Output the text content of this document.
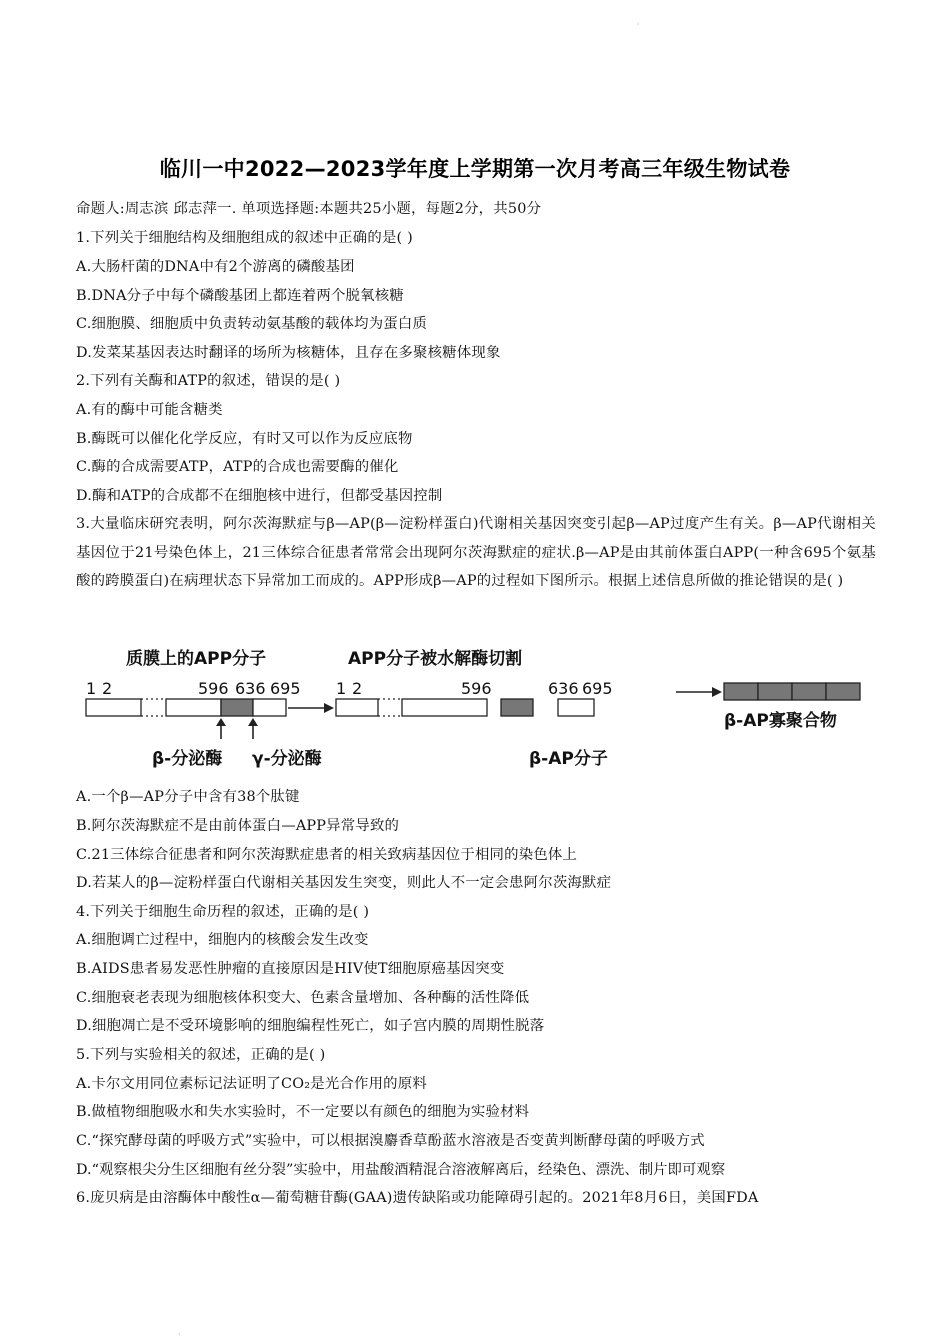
临川一中2022—2023学年度上学期第一次月考高三年级生物试卷
命题人:周志滨 邱志萍一. 单项选择题:本题共25小题，每题2分，共50分
1.下列关于细胞结构及细胞组成的叙述中正确的是( )
A.大肠杆菌的DNA中有2个游离的磷酸基团
B.DNA分子中每个磷酸基团上都连着两个脱氧核糖
C.细胞膜、细胞质中负责转动氨基酸的载体均为蛋白质
D.发菜某基因表达时翻译的场所为核糖体，且存在多聚核糖体现象
2.下列有关酶和ATP的叙述，错误的是( )
A.有的酶中可能含糖类
B.酶既可以催化化学反应，有时又可以作为反应底物
C.酶的合成需要ATP，ATP的合成也需要酶的催化
D.酶和ATP的合成都不在细胞核中进行，但都受基因控制
3.大量临床研究表明，阿尔茨海默症与β—AP(β—淀粉样蛋白)代谢相关基因突变引起β—AP过度产生有关。β—AP代谢相关基因位于21号染色体上，21三体综合征患者常常会出现阿尔茨海默症的症状.β—AP是由其前体蛋白APP(一种含695个氨基酸的跨膜蛋白)在病理状态下异常加工而成的。APP形成β—AP的过程如下图所示。根据上述信息所做的推论错误的是( )
质膜上的APP分子	APP分子被水解酶切割
1 2	596 636 695
β-分泌酶 γ-分泌酶
1 2	596	636 695
β-AP分子
β-AP寡聚合物
A.一个β—AP分子中含有38个肽键
B.阿尔茨海默症不是由前体蛋白—APP异常导致的
C.21三体综合征患者和阿尔茨海默症患者的相关致病基因位于相同的染色体上
D.若某人的β—淀粉样蛋白代谢相关基因发生突变，则此人不一定会患阿尔茨海默症
4.下列关于细胞生命历程的叙述，正确的是( )
A.细胞调亡过程中，细胞内的核酸会发生改变
B.AIDS患者易发恶性肿瘤的直接原因是HIV使T细胞原癌基因突变
C.细胞衰老表现为细胞核体积变大、色素含量增加、各种酶的活性降低
D.细胞凋亡是不受环境影响的细胞编程性死亡，如子宫内膜的周期性脱落
5.下列与实验相关的叙述，正确的是( )
A.卡尔文用同位素标记法证明了CO₂是光合作用的原料
B.做植物细胞吸水和失水实验时，不一定要以有颜色的细胞为实验材料
C.“探究酵母菌的呼吸方式”实验中，可以根据溴麝香草酚蓝水溶液是否变黄判断酵母菌的呼吸方式
D.“观察根尖分生区细胞有丝分裂”实验中，用盐酸酒精混合溶液解离后，经染色、漂洗、制片即可观察
6.庞贝病是由溶酶体中酸性α—葡萄糖苷酶(GAA)遗传缺陷或功能障碍引起的。2021年8月6日，美国FDA
·
·
